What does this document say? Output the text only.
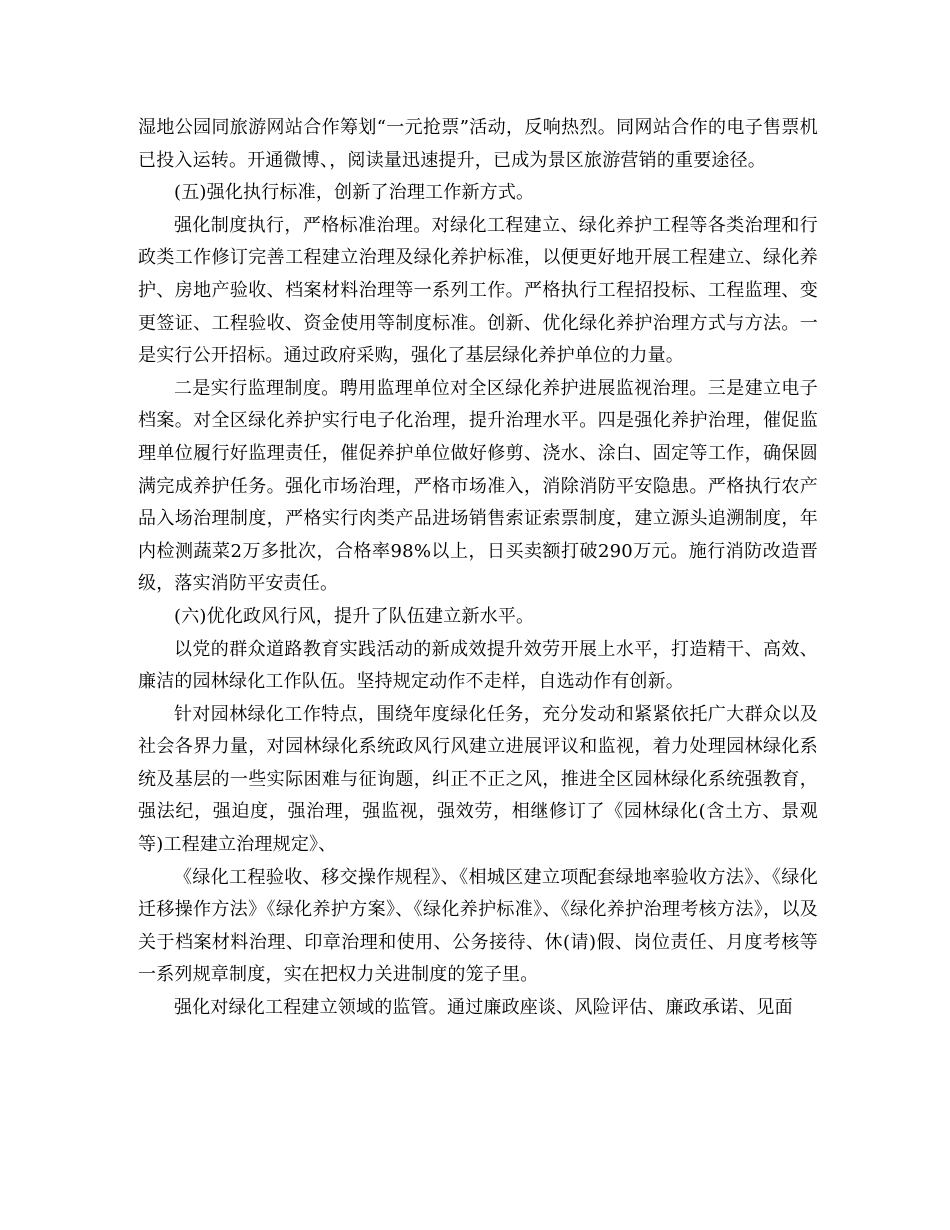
湿地公园同旅游网站合作筹划“一元抢票”活动，反响热烈。同网站合作的电子售票机已投入运转。开通微博、，阅读量迅速提升，已成为景区旅游营销的重要途径。

(五)强化执行标准，创新了治理工作新方式。

强化制度执行，严格标准治理。对绿化工程建立、绿化养护工程等各类治理和行政类工作修订完善工程建立治理及绿化养护标准，以便更好地开展工程建立、绿化养护、房地产验收、档案材料治理等一系列工作。严格执行工程招投标、工程监理、变更签证、工程验收、资金使用等制度标准。创新、优化绿化养护治理方式与方法。一是实行公开招标。通过政府采购，强化了基层绿化养护单位的力量。

二是实行监理制度。聘用监理单位对全区绿化养护进展监视治理。三是建立电子档案。对全区绿化养护实行电子化治理，提升治理水平。四是强化养护治理，催促监理单位履行好监理责任，催促养护单位做好修剪、浇水、涂白、固定等工作，确保圆满完成养护任务。强化市场治理，严格市场准入，消除消防平安隐患。严格执行农产品入场治理制度，严格实行肉类产品进场销售索证索票制度，建立源头追溯制度，年内检测蔬菜2万多批次，合格率98%以上，日买卖额打破290万元。施行消防改造晋级，落实消防平安责任。

(六)优化政风行风，提升了队伍建立新水平。

以党的群众道路教育实践活动的新成效提升效劳开展上水平，打造精干、高效、廉洁的园林绿化工作队伍。坚持规定动作不走样，自选动作有创新。

针对园林绿化工作特点，围绕年度绿化任务，充分发动和紧紧依托广大群众以及社会各界力量，对园林绿化系统政风行风建立进展评议和监视，着力处理园林绿化系统及基层的一些实际困难与征询题，纠正不正之风，推进全区园林绿化系统强教育，强法纪，强迫度，强治理，强监视，强效劳，相继修订了《园林绿化(含土方、景观等)工程建立治理规定》、

《绿化工程验收、移交操作规程》、《相城区建立项配套绿地率验收方法》、《绿化迁移操作方法》《绿化养护方案》、《绿化养护标准》、《绿化养护治理考核方法》，以及关于档案材料治理、印章治理和使用、公务接待、休(请)假、岗位责任、月度考核等一系列规章制度，实在把权力关进制度的笼子里。

强化对绿化工程建立领域的监管。通过廉政座谈、风险评估、廉政承诺、见面
